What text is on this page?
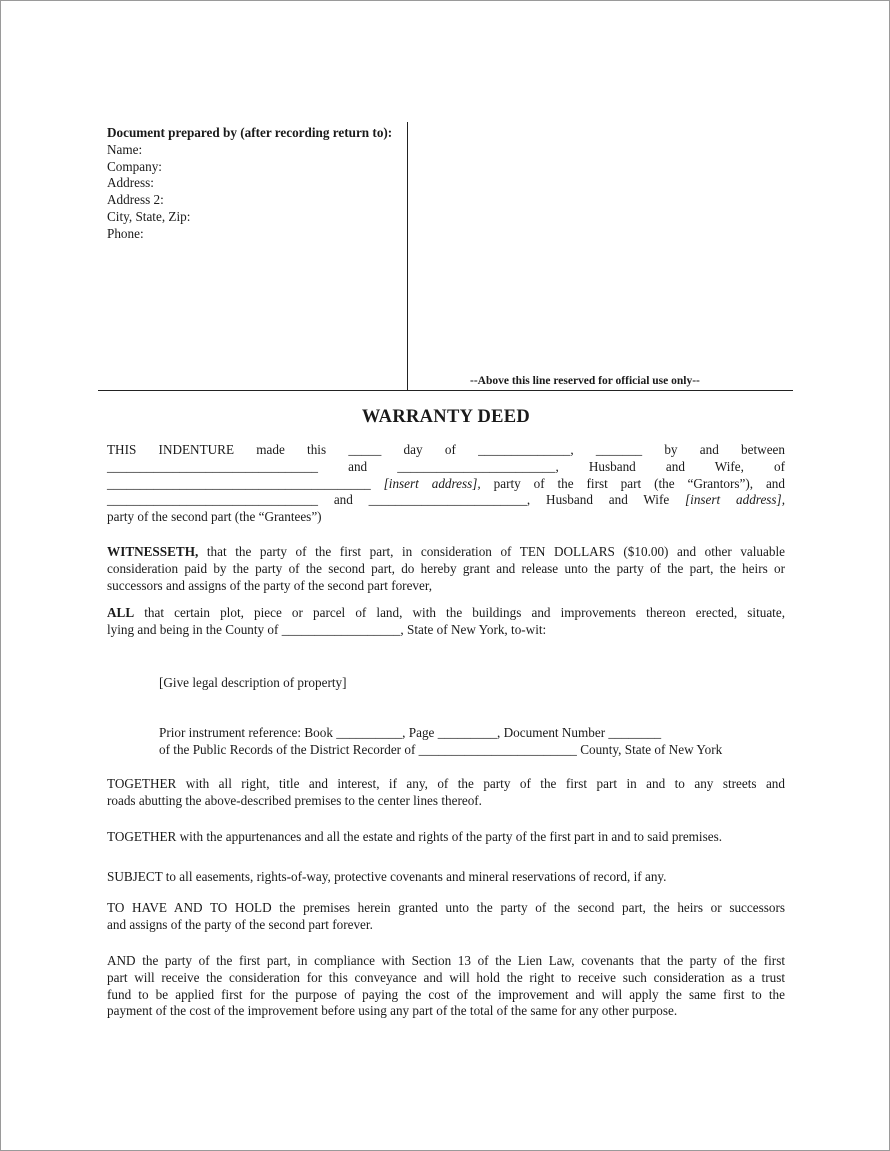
Document prepared by (after recording return to):
Name:
Company:
Address:
Address 2:
City, State, Zip:
Phone:
--Above this line reserved for official use only--
WARRANTY DEED
THIS INDENTURE made this _____ day of ______________, _______ by and between
________________________________ and ________________________, Husband and Wife, of
________________________________________ [insert address], party of the first part (the “Grantors”), and
________________________________ and ________________________, Husband and Wife [insert address],
party of the second part (the “Grantees”)
WITNESSETH, that the party of the first part, in consideration of TEN DOLLARS ($10.00) and other valuable
consideration paid by the party of the second part, do hereby grant and release unto the party of the part, the heirs or
successors and assigns of the party of the second part forever,
ALL that certain plot, piece or parcel of land, with the buildings and improvements thereon erected, situate,
lying and being in the County of __________________, State of New York, to-wit:
[Give legal description of property]
Prior instrument reference: Book __________, Page _________, Document Number ________
of the Public Records of the District Recorder of ________________________ County, State of New York
TOGETHER with all right, title and interest, if any, of the party of the first part in and to any streets and
roads abutting the above-described premises to the center lines thereof.
TOGETHER with the appurtenances and all the estate and rights of the party of the first part in and to said premises.
SUBJECT to all easements, rights-of-way, protective covenants and mineral reservations of record, if any.
TO HAVE AND TO HOLD the premises herein granted unto the party of the second part, the heirs or successors
and assigns of the party of the second part forever.
AND the party of the first part, in compliance with Section 13 of the Lien Law, covenants that the party of the first
part will receive the consideration for this conveyance and will hold the right to receive such consideration as a trust
fund to be applied first for the purpose of paying the cost of the improvement and will apply the same first to the
payment of the cost of the improvement before using any part of the total of the same for any other purpose.
